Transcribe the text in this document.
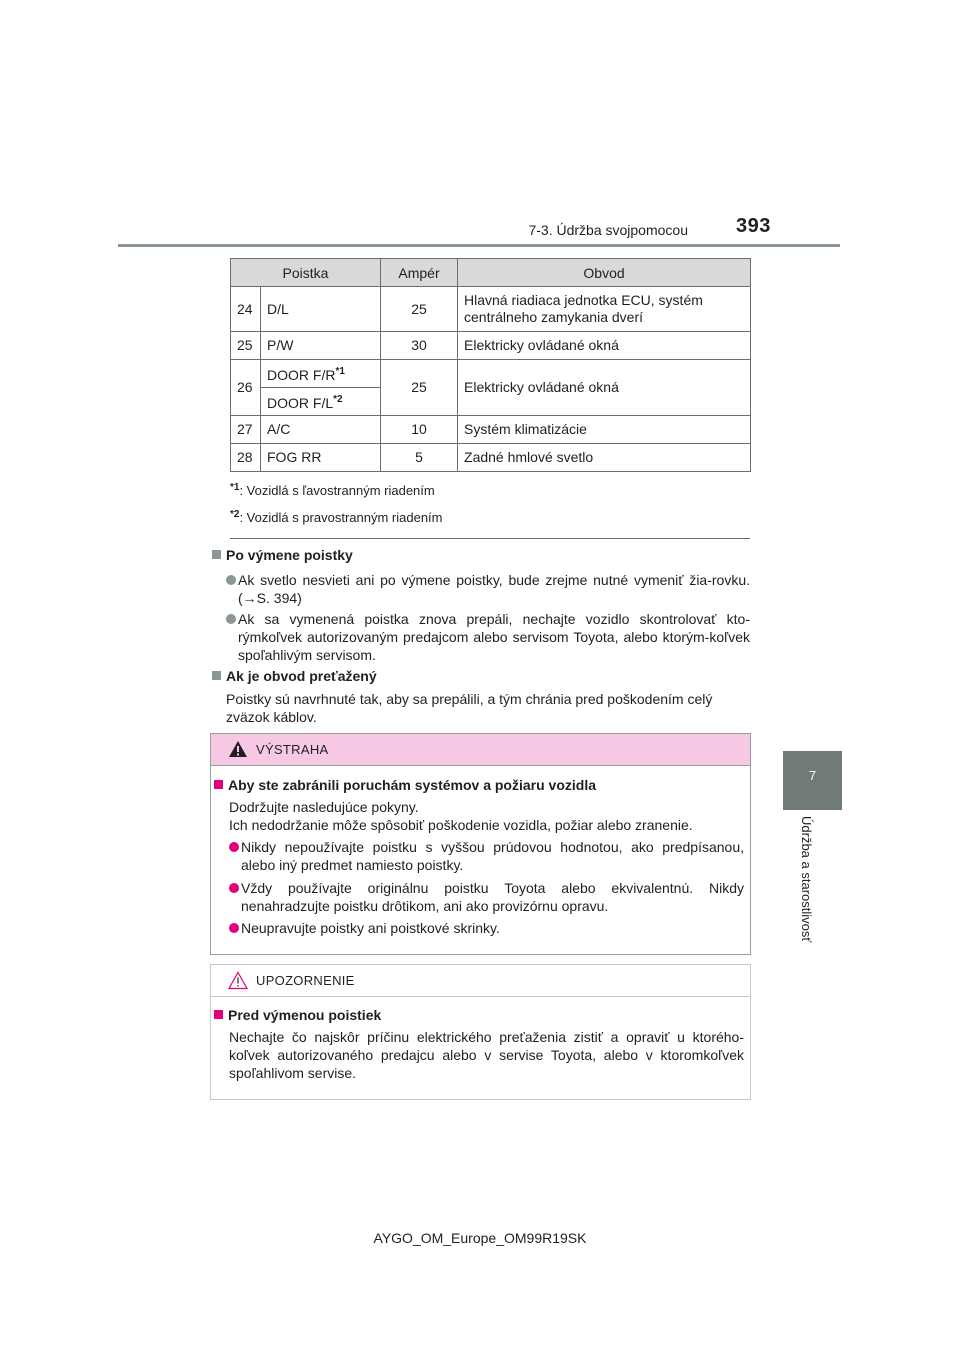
7-3. Údržba svojpomocou 393
7
Údržba a starostlivosť
Poistka		Ampér	Obvod
24	D/L	25	Hlavná riadiaca jednotka ECU, systém centrálneho zamykania dverí
25	P/W	30	Elektricky ovládané okná
26	DOOR F/R$^{*1}$	25	Elektricky ovládané okná
	DOOR F/L$^{*2}$
27	A/C	10	Systém klimatizácie
28	FOG RR	5	Zadné hmlové svetlo
$^{*1}$: Vozidlá s ľavostranným riadením
$^{*2}$: Vozidlá s pravostranným riadením
Po výmene poistky
Ak svetlo nesvieti ani po výmene poistky, bude zrejme nutné vymeniť žia-rovku. (→S. 394)
Ak sa vymenená poistka znova prepáli, nechajte vozidlo skontrolovať kto-rýmkoľvek autorizovaným predajcom alebo servisom Toyota, alebo ktorým-koľvek spoľahlivým servisom.
Ak je obvod preťažený
Poistky sú navrhnuté tak, aby sa prepálili, a tým chránia pred poškodením celý zväzok káblov.
VÝSTRAHA
Aby ste zabránili poruchám systémov a požiaru vozidla
Dodržujte nasledujúce pokyny.
Ich nedodržanie môže spôsobiť poškodenie vozidla, požiar alebo zranenie.
Nikdy nepoužívajte poistku s vyššou prúdovou hodnotou, ako predpísanou, alebo iný predmet namiesto poistky.
Vždy používajte originálnu poistku Toyota alebo ekvivalentnú. Nikdy nenahradzujte poistku drôtikom, ani ako provizórnu opravu.
Neupravujte poistky ani poistkové skrinky.
UPOZORNENIE
Pred výmenou poistiek
Nechajte čo najskôr príčinu elektrického preťaženia zistiť a opraviť u ktorého-koľvek autorizovaného predajcu alebo v servise Toyota, alebo v ktoromkoľvek spoľahlivom servise.
AYGO_OM_Europe_OM99R19SK
